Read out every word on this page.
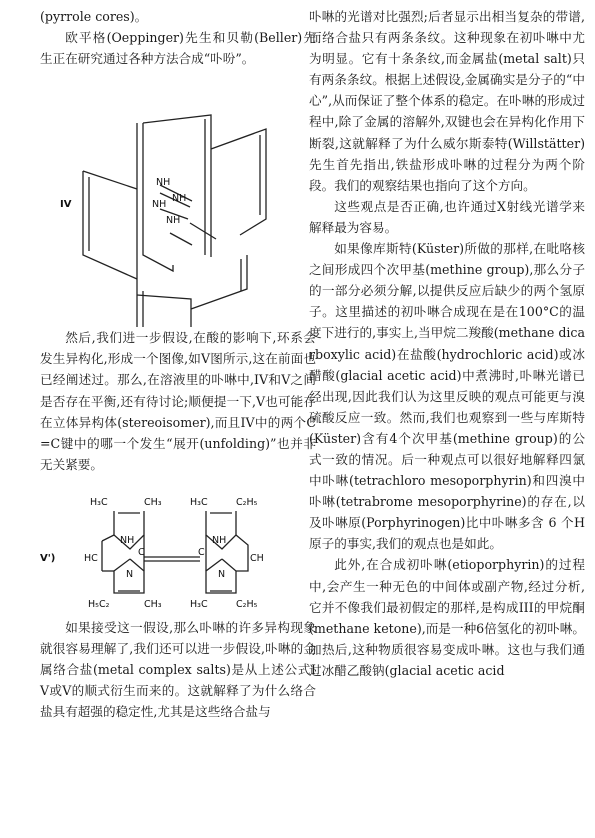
(pyrrole cores)。

欧平格(Oeppinger)先生和贝勒(Beller)先生正在研究通过各种方法合成“卟吩”。

IV
NH
NH
NH
NH

然后,我们进一步假设,在酸的影响下,环系会发生异构化,形成一个图像,如V图所示,这在前面也已经阐述过。那么,在溶液里的卟啉中,IV和V之间是否存在平衡,还有待讨论;顺便提一下,V也可能存在立体异构体(stereoisomer),而且IV中的两个C=C键中的哪一个发生“展开(unfolding)”也并非无关紧要。

V')
H₃C	CH₃	H₃C	C₂H₅
HC	CH
C	C
NH	NH
N	N
H₅C₂	CH₃	H₃C	C₂H₅

如果接受这一假设,那么卟啉的许多异构现象就很容易理解了,我们还可以进一步假设,卟啉的金属络合盐(metal complex salts)是从上述公式IV或V的顺式衍生而来的。这就解释了为什么络合盐具有超强的稳定性,尤其是这些络合盐与

卟啉的光谱对比强烈;后者显示出相当复杂的带谱,而络合盐只有两条条纹。这种现象在初卟啉中尤为明显。它有十条条纹,而金属盐(metal salt)只有两条条纹。根据上述假设,金属确实是分子的“中心”,从而保证了整个体系的稳定。在卟啉的形成过程中,除了金属的溶解外,双键也会在异构化作用下断裂,这就解释了为什么威尔斯泰特(Willstätter)先生首先指出,铁盐形成卟啉的过程分为两个阶段。我们的观察结果也指向了这个方向。

这些观点是否正确,也许通过X射线光谱学来解释最为容易。

如果像库斯特(Küster)所做的那样,在吡咯核之间形成四个次甲基(methine group),那么分子的一部分必须分解,以提供反应后缺少的两个氢原子。这里描述的初卟啉合成现在是在100°C的温度下进行的,事实上,当甲烷二羧酸(methane dicarboxylic acid)在盐酸(hydrochloric acid)或冰醋酸(glacial acetic acid)中煮沸时,卟啉光谱已经出现,因此我们认为这里反映的观点可能更与溴硫酸反应一致。然而,我们也观察到一些与库斯特(Küster)含有4个次甲基(methine group)的公式一致的情况。后一种观点可以很好地解释四氯中卟啉(tetrachloro mesoporphyrin)和四溴中卟啉(tetrabrome mesoporphyrine)的存在,以及卟啉原(Porphyrinogen)比中卟啉多含 6 个H原子的事实,我们的观点也是如此。

此外,在合成初卟啉(etioporphyrin)的过程中,会产生一种无色的中间体或副产物,经过分析,它并不像我们最初假定的那样,是构成III的甲烷酮(methane ketone),而是一种6倍氢化的初卟啉。加热后,这种物质很容易变成卟啉。这也与我们通过冰醋乙酸钠(glacial acetic acid
